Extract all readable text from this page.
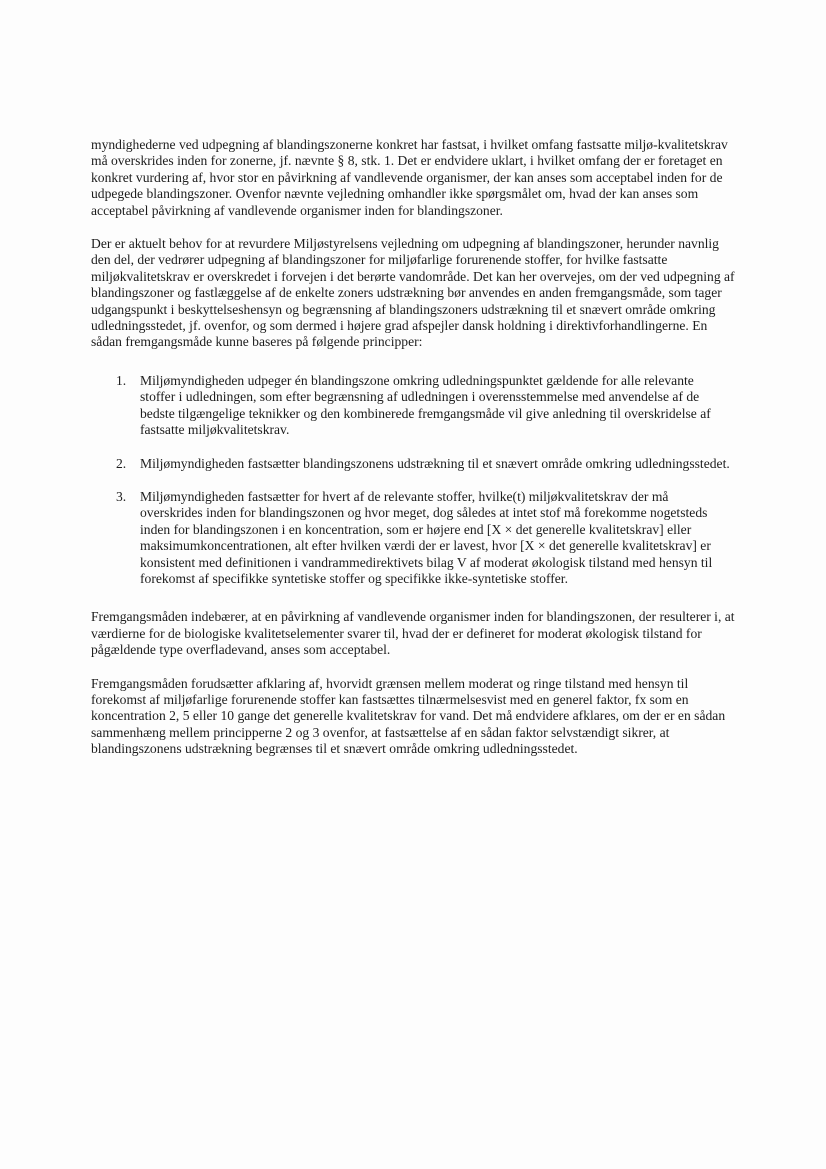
myndighederne ved udpegning af blandingszonerne konkret har fastsat, i hvilket omfang fastsatte miljø-kvalitetskrav må overskrides inden for zonerne, jf. nævnte § 8, stk. 1. Det er endvidere uklart, i hvilket omfang der er foretaget en konkret vurdering af, hvor stor en påvirkning af vandlevende organismer, der kan anses som acceptabel inden for de udpegede blandingszoner. Ovenfor nævnte vejledning omhandler ikke spørgsmålet om, hvad der kan anses som acceptabel påvirkning af vandlevende organismer inden for blandingszoner.

Der er aktuelt behov for at revurdere Miljøstyrelsens vejledning om udpegning af blandingszoner, herunder navnlig den del, der vedrører udpegning af blandingszoner for miljøfarlige forurenende stoffer, for hvilke fastsatte miljøkvalitetskrav er overskredet i forvejen i det berørte vandområde. Det kan her overvejes, om der ved udpegning af blandingszoner og fastlæggelse af de enkelte zoners udstrækning bør anvendes en anden fremgangsmåde, som tager udgangspunkt i beskyttelseshensyn og begrænsning af blandingszoners udstrækning til et snævert område omkring udledningsstedet, jf. ovenfor, og som dermed i højere grad afspejler dansk holdning i direktivforhandlingerne. En sådan fremgangsmåde kunne baseres på følgende principper:

1. Miljømyndigheden udpeger én blandingszone omkring udledningspunktet gældende for alle relevante stoffer i udledningen, som efter begrænsning af udledningen i overensstemmelse med anvendelse af de bedste tilgængelige teknikker og den kombinerede fremgangsmåde vil give anledning til overskridelse af fastsatte miljøkvalitetskrav.
2. Miljømyndigheden fastsætter blandingszonens udstrækning til et snævert område omkring udledningsstedet.
3. Miljømyndigheden fastsætter for hvert af de relevante stoffer, hvilke(t) miljøkvalitetskrav der må overskrides inden for blandingszonen og hvor meget, dog således at intet stof må forekomme nogetsteds inden for blandingszonen i en koncentration, som er højere end [X × det generelle kvalitetskrav] eller maksimumkoncentrationen, alt efter hvilken værdi der er lavest, hvor [X × det generelle kvalitetskrav] er konsistent med definitionen i vandrammedirektivets bilag V af moderat økologisk tilstand med hensyn til forekomst af specifikke syntetiske stoffer og specifikke ikke-syntetiske stoffer.

Fremgangsmåden indebærer, at en påvirkning af vandlevende organismer inden for blandingszonen, der resulterer i, at værdierne for de biologiske kvalitetselementer svarer til, hvad der er defineret for moderat økologisk tilstand for pågældende type overfladevand, anses som acceptabel.

Fremgangsmåden forudsætter afklaring af, hvorvidt grænsen mellem moderat og ringe tilstand med hensyn til forekomst af miljøfarlige forurenende stoffer kan fastsættes tilnærmelsesvist med en generel faktor, fx som en koncentration 2, 5 eller 10 gange det generelle kvalitetskrav for vand. Det må endvidere afklares, om der er en sådan sammenhæng mellem principperne 2 og 3 ovenfor, at fastsættelse af en sådan faktor selvstændigt sikrer, at blandingszonens udstrækning begrænses til et snævert område omkring udledningsstedet.
